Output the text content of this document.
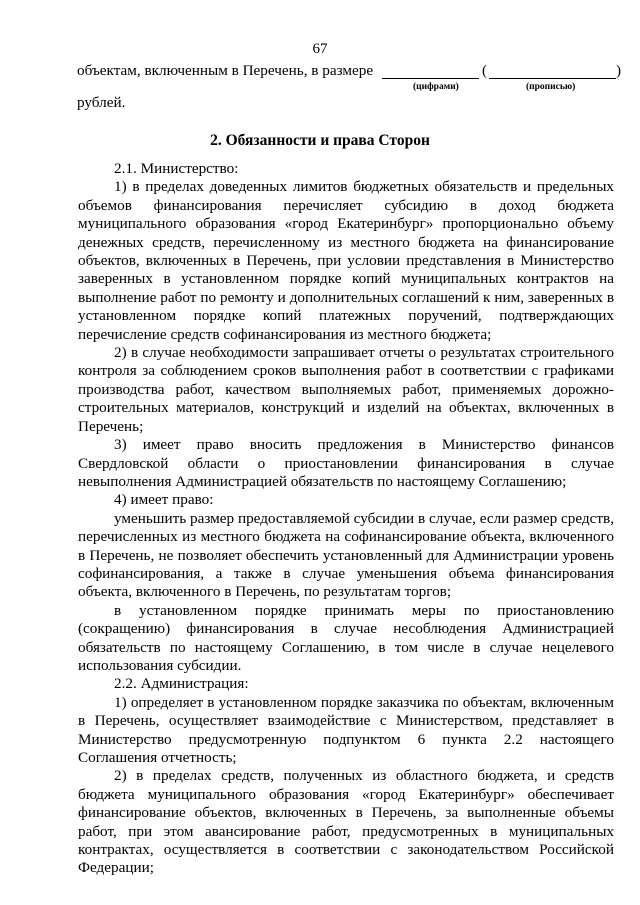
67
объектам, включенным в Перечень, в размере	(	)
(цифрами)	(прописью)
рублей.
2. Обязанности и права Сторон

2.1. Министерство:

1) в пределах доведенных лимитов бюджетных обязательств и предельных объемов финансирования перечисляет субсидию в доход бюджета муниципального образования «город Екатеринбург» пропорционально объему денежных средств, перечисленному из местного бюджета на финансирование объектов, включенных в Перечень, при условии представления в Министерство заверенных в установленном порядке копий муниципальных контрактов на выполнение работ по ремонту и дополнительных соглашений к ним, заверенных в установленном порядке копий платежных поручений, подтверждающих перечисление средств софинансирования из местного бюджета;

2) в случае необходимости запрашивает отчеты о результатах строительного контроля за соблюдением сроков выполнения работ в соответствии с графиками производства работ, качеством выполняемых работ, применяемых дорожно-строительных материалов, конструкций и изделий на объектах, включенных в Перечень;

3) имеет право вносить предложения в Министерство финансов Свердловской области о приостановлении финансирования в случае невыполнения Администрацией обязательств по настоящему Соглашению;

4) имеет право:

уменьшить размер предоставляемой субсидии в случае, если размер средств, перечисленных из местного бюджета на софинансирование объекта, включенного в Перечень, не позволяет обеспечить установленный для Администрации уровень софинансирования, а также в случае уменьшения объема финансирования объекта, включенного в Перечень, по результатам торгов;

в установленном порядке принимать меры по приостановлению (сокращению) финансирования в случае несоблюдения Администрацией обязательств по настоящему Соглашению, в том числе в случае нецелевого использования субсидии.

2.2. Администрация:

1) определяет в установленном порядке заказчика по объектам, включенным в Перечень, осуществляет взаимодействие с Министерством, представляет в Министерство предусмотренную подпунктом 6 пункта 2.2 настоящего Соглашения отчетность;

2) в пределах средств, полученных из областного бюджета, и средств бюджета муниципального образования «город Екатеринбург» обеспечивает финансирование объектов, включенных в Перечень, за выполненные объемы работ, при этом авансирование работ, предусмотренных в муниципальных контрактах, осуществляется в соответствии с законодательством Российской Федерации;
